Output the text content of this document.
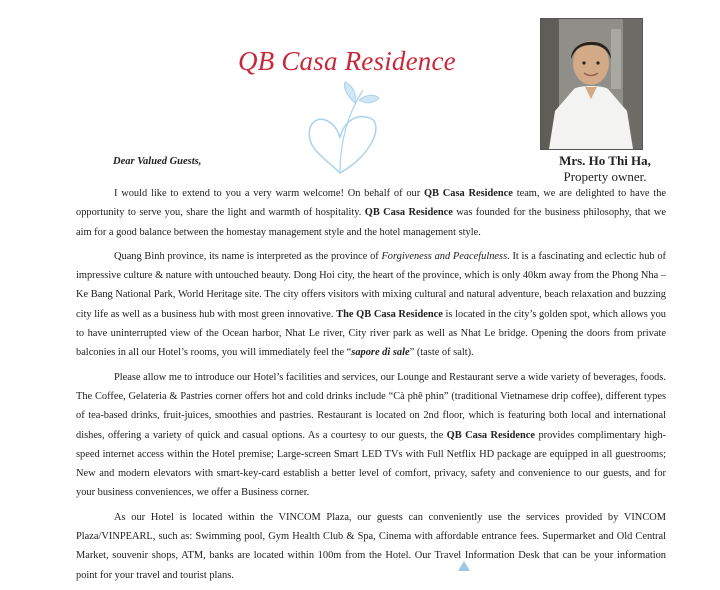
QB Casa Residence
Mrs. Ho Thi Ha,
Property owner.
Dear Valued Guests,

I would like to extend to you a very warm welcome! On behalf of our QB Casa Residence team, we are delighted to have the opportunity to serve you, share the light and warmth of hospitality. QB Casa Residence was founded for the business philosophy, that we aim for a good balance between the homestay management style and the hotel management style.

Quang Binh province, its name is interpreted as the province of Forgiveness and Peacefulness. It is a fascinating and eclectic hub of impressive culture & nature with untouched beauty. Dong Hoi city, the heart of the province, which is only 40km away from the Phong Nha – Ke Bang National Park, World Heritage site. The city offers visitors with mixing cultural and natural adventure, beach relaxation and buzzing city life as well as a business hub with most green innovative. The QB Casa Residence is located in the city’s golden spot, which allows you to have uninterrupted view of the Ocean harbor, Nhat Le river, City river park as well as Nhat Le bridge. Opening the doors from private balconies in all our Hotel’s rooms, you will immediately feel the “sapore di sale” (taste of salt).

Please allow me to introduce our Hotel’s facilities and services, our Lounge and Restaurant serve a wide variety of beverages, foods. The Coffee, Gelateria & Pastries corner offers hot and cold drinks include “Cà phê phin” (traditional Vietnamese drip coffee), different types of tea-based drinks, fruit-juices, smoothies and pastries. Restaurant is located on 2nd floor, which is featuring both local and international dishes, offering a variety of quick and casual options. As a courtesy to our guests, the QB Casa Residence provides complimentary high-speed internet access within the Hotel premise; Large-screen Smart LED TVs with Full Netflix HD package are equipped in all guestrooms; New and modern elevators with smart-key-card establish a better level of comfort, privacy, safety and convenience to our guests, and for your business conveniences, we offer a Business corner.

As our Hotel is located within the VINCOM Plaza, our guests can conveniently use the services provided by VINCOM Plaza/VINPEARL, such as: Swimming pool, Gym Health Club & Spa, Cinema with affordable entrance fees. Supermarket and Old Central Market, souvenir shops, ATM, banks are located within 100m from the Hotel. Our Travel Information Desk that can be your information point for your travel and tourist plans.
